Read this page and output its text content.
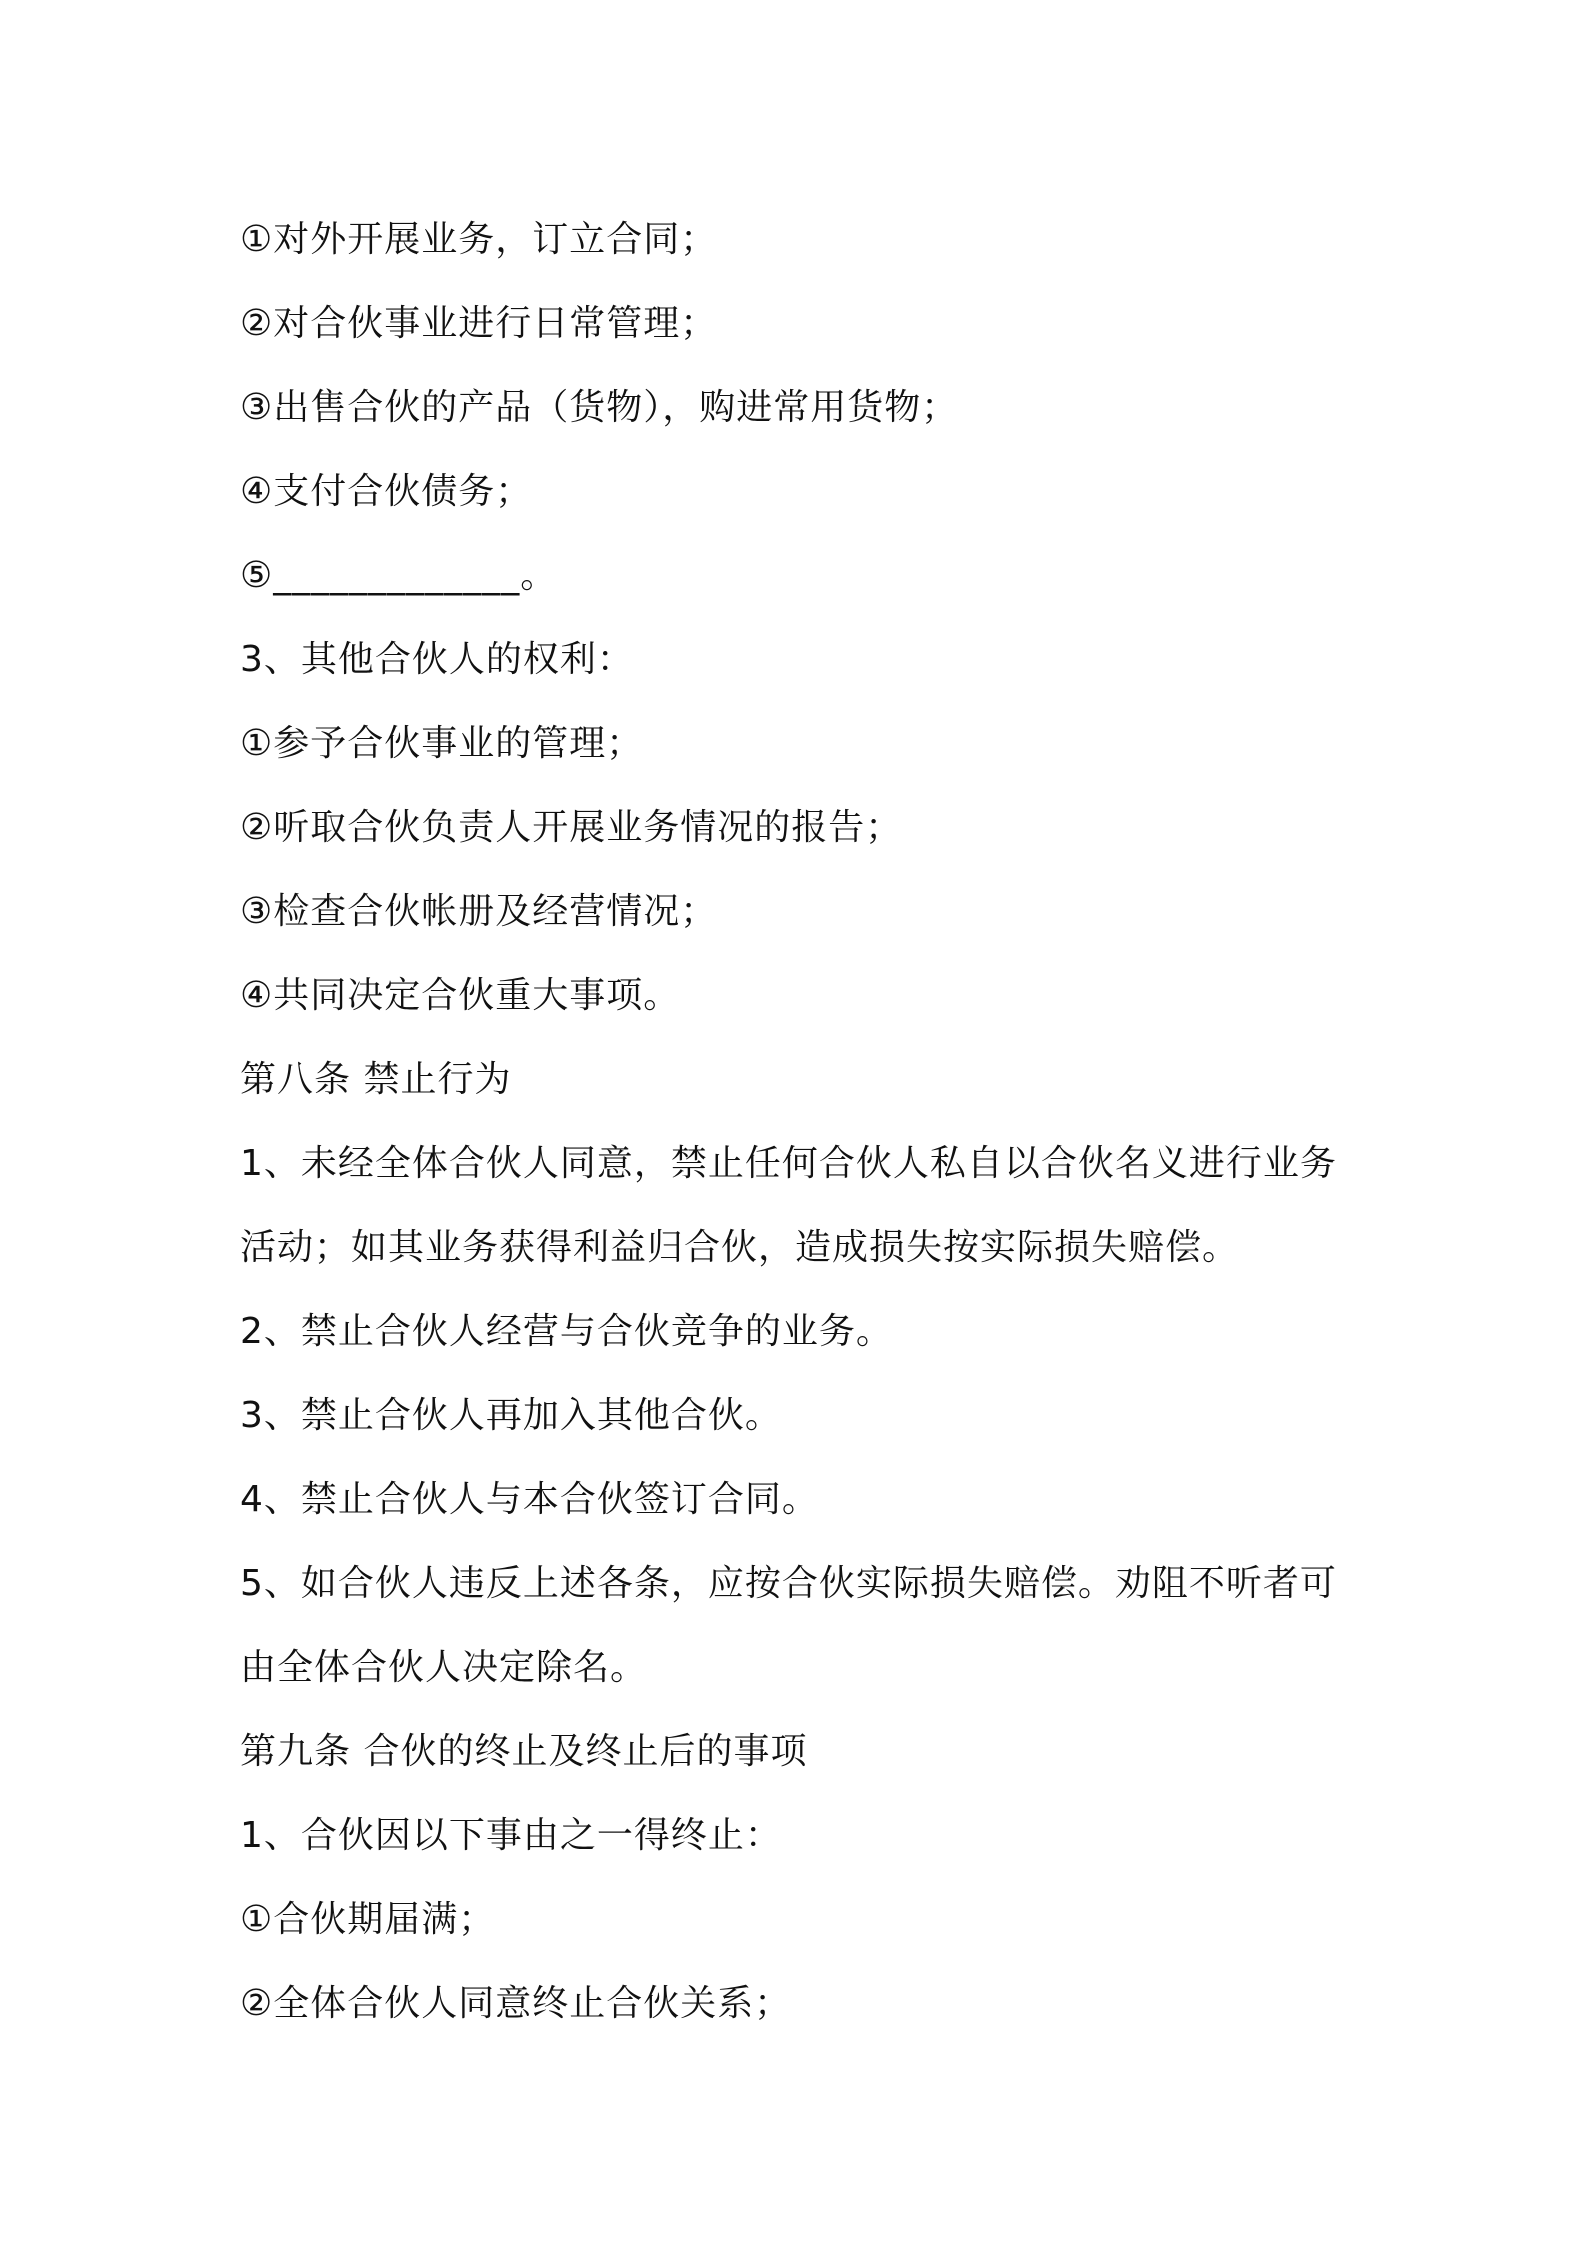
①对外开展业务，订立合同；
②对合伙事业进行日常管理；
③出售合伙的产品（货物），购进常用货物；
④支付合伙债务；
⑤_____________。
3、其他合伙人的权利：
①参予合伙事业的管理；
②听取合伙负责人开展业务情况的报告；
③检查合伙帐册及经营情况；
④共同决定合伙重大事项。
第八条 禁止行为
1、未经全体合伙人同意，禁止任何合伙人私自以合伙名义进行业务
活动；如其业务获得利益归合伙，造成损失按实际损失赔偿。
2、禁止合伙人经营与合伙竞争的业务。
3、禁止合伙人再加入其他合伙。
4、禁止合伙人与本合伙签订合同。
5、如合伙人违反上述各条，应按合伙实际损失赔偿。劝阻不听者可
由全体合伙人决定除名。
第九条 合伙的终止及终止后的事项
1、合伙因以下事由之一得终止：
①合伙期届满；
②全体合伙人同意终止合伙关系；
